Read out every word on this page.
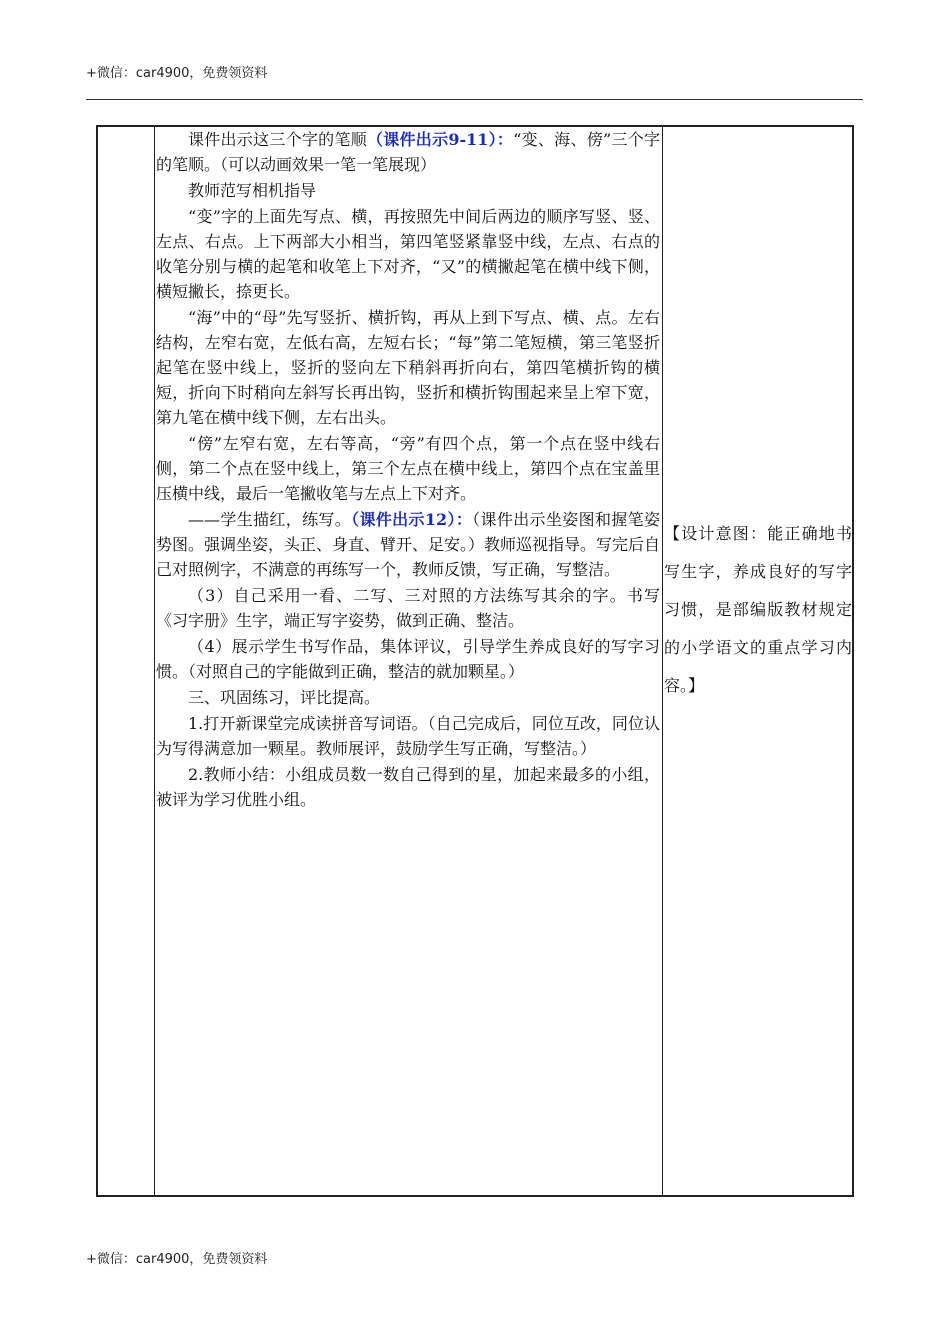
+微信：car4900，免费领资料

课件出示这三个字的笔顺（课件出示9-11）：“变、海、傍”三个字的笔顺。（可以动画效果一笔一笔展现）

教师范写相机指导

“变”字的上面先写点、横，再按照先中间后两边的顺序写竖、竖、左点、右点。上下两部大小相当，第四笔竖紧靠竖中线，左点、右点的收笔分别与横的起笔和收笔上下对齐，“又”的横撇起笔在横中线下侧，横短撇长，捺更长。

“海”中的“母”先写竖折、横折钩，再从上到下写点、横、点。左右结构，左窄右宽，左低右高，左短右长；“每”第二笔短横，第三笔竖折起笔在竖中线上，竖折的竖向左下稍斜再折向右，第四笔横折钩的横短，折向下时稍向左斜写长再出钩，竖折和横折钩围起来呈上窄下宽，第九笔在横中线下侧，左右出头。

“傍”左窄右宽，左右等高，“旁”有四个点，第一个点在竖中线右侧，第二个点在竖中线上，第三个左点在横中线上，第四个点在宝盖里压横中线，最后一笔撇收笔与左点上下对齐。

——学生描红，练写。（课件出示12）：（课件出示坐姿图和握笔姿势图。强调坐姿，头正、身直、臂开、足安。）教师巡视指导。写完后自己对照例字，不满意的再练写一个，教师反馈，写正确，写整洁。

（3）自己采用一看、二写、三对照的方法练写其余的字。书写《习字册》生字，端正写字姿势，做到正确、整洁。

（4）展示学生书写作品，集体评议，引导学生养成良好的写字习惯。（对照自己的字能做到正确，整洁的就加颗星。）

三、巩固练习，评比提高。

1.打开新课堂完成读拼音写词语。（自己完成后，同位互改，同位认为写得满意加一颗星。教师展评，鼓励学生写正确，写整洁。）

2.教师小结：小组成员数一数自己得到的星，加起来最多的小组，被评为学习优胜小组。

【设计意图：能正确地书写生字，养成良好的写字习惯，是部编版教材规定的小学语文的重点学习内容。】
+微信：car4900，免费领资料
